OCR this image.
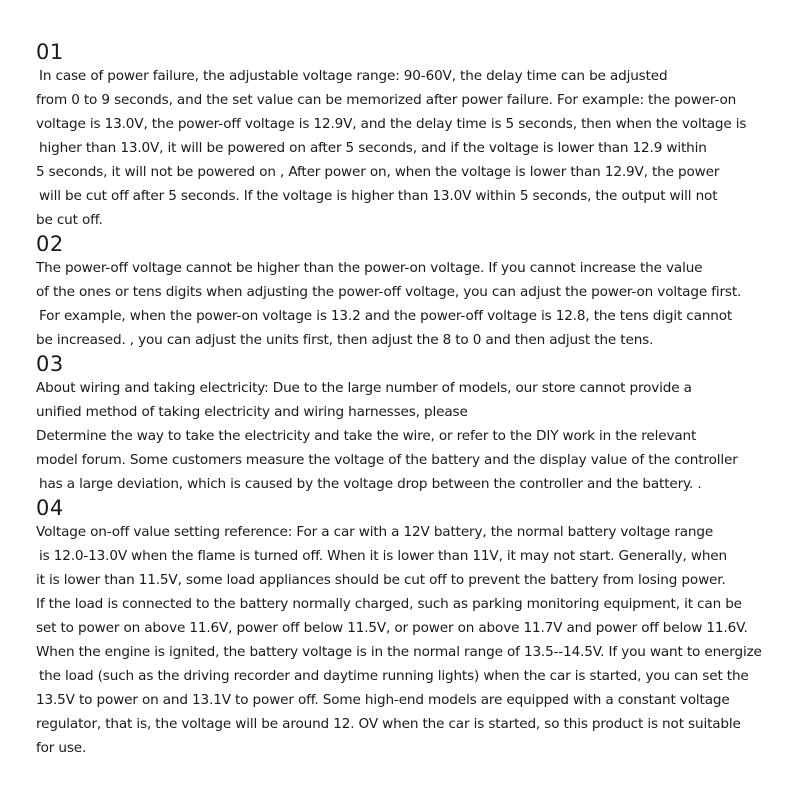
01
In case of power failure, the adjustable voltage range: 90-60V, the delay time can be adjusted
from 0 to 9 seconds, and the set value can be memorized after power failure. For example: the power-on
voltage is 13.0V, the power-off voltage is 12.9V, and the delay time is 5 seconds, then when the voltage is
higher than 13.0V, it will be powered on after 5 seconds, and if the voltage is lower than 12.9 within
5 seconds, it will not be powered on , After power on, when the voltage is lower than 12.9V, the power
will be cut off after 5 seconds. If the voltage is higher than 13.0V within 5 seconds, the output will not
be cut off.
02
The power-off voltage cannot be higher than the power-on voltage. If you cannot increase the value
of the ones or tens digits when adjusting the power-off voltage, you can adjust the power-on voltage first.
For example, when the power-on voltage is 13.2 and the power-off voltage is 12.8, the tens digit cannot
be increased. , you can adjust the units first, then adjust the 8 to 0 and then adjust the tens.
03
About wiring and taking electricity: Due to the large number of models, our store cannot provide a
unified method of taking electricity and wiring harnesses, please
Determine the way to take the electricity and take the wire, or refer to the DIY work in the relevant
model forum. Some customers measure the voltage of the battery and the display value of the controller
has a large deviation, which is caused by the voltage drop between the controller and the battery. .
04
Voltage on-off value setting reference: For a car with a 12V battery, the normal battery voltage range
is 12.0-13.0V when the flame is turned off. When it is lower than 11V, it may not start. Generally, when
it is lower than 11.5V, some load appliances should be cut off to prevent the battery from losing power.
If the load is connected to the battery normally charged, such as parking monitoring equipment, it can be
set to power on above 11.6V, power off below 11.5V, or power on above 11.7V and power off below 11.6V.
When the engine is ignited, the battery voltage is in the normal range of 13.5--14.5V. If you want to energize
the load (such as the driving recorder and daytime running lights) when the car is started, you can set the
13.5V to power on and 13.1V to power off. Some high-end models are equipped with a constant voltage
regulator, that is, the voltage will be around 12. OV when the car is started, so this product is not suitable
for use.
